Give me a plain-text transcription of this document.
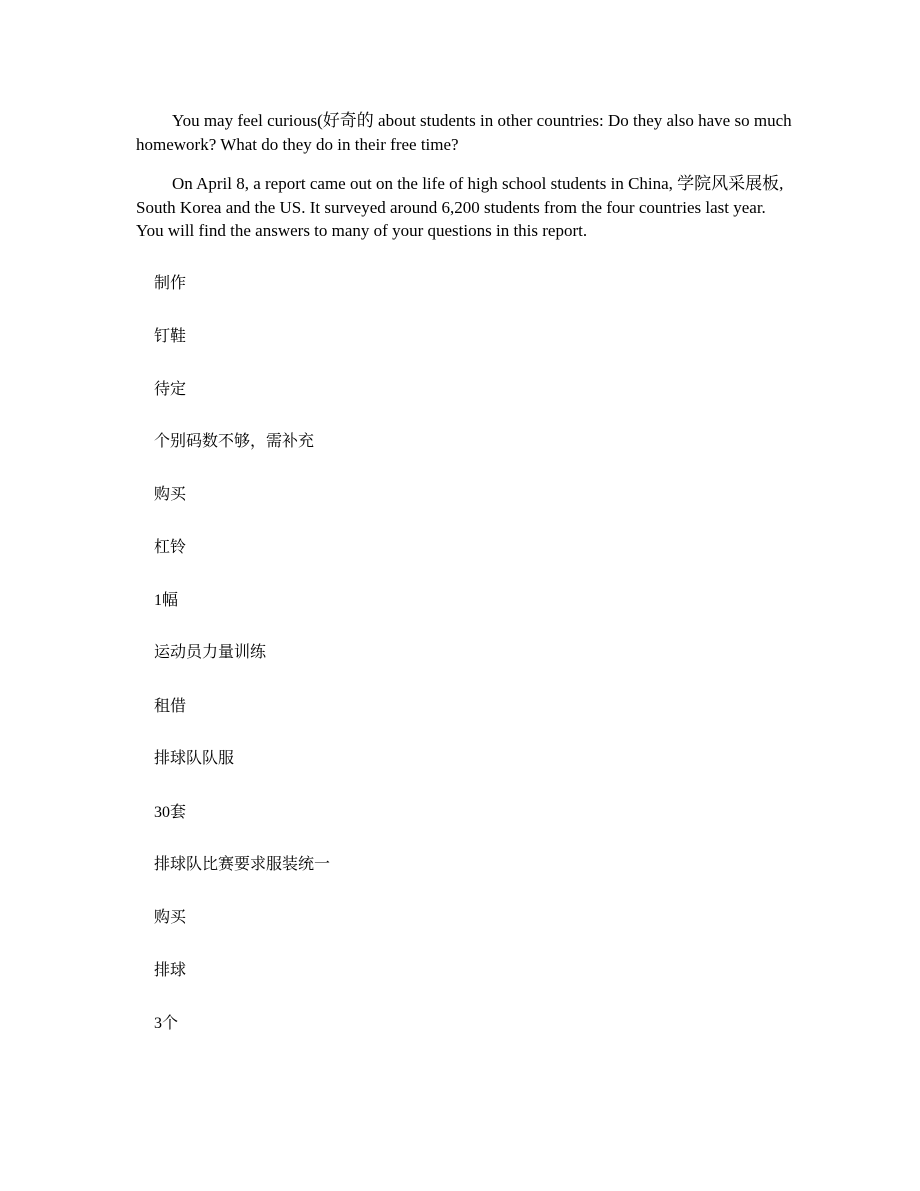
You may feel curious(好奇的 about students in other countries: Do they also have so much homework? What do they do in their free time?

On April 8, a report came out on the life of high school students in China, 学院风采展板, South Korea and the US. It surveyed around 6,200 students from the four countries last year. You will find the answers to many of your questions in this report.

制作
钉鞋
待定
个别码数不够，需补充
购买
杠铃
1幅
运动员力量训练
租借
排球队队服
30套
排球队比赛要求服装统一
购买
排球
3个
